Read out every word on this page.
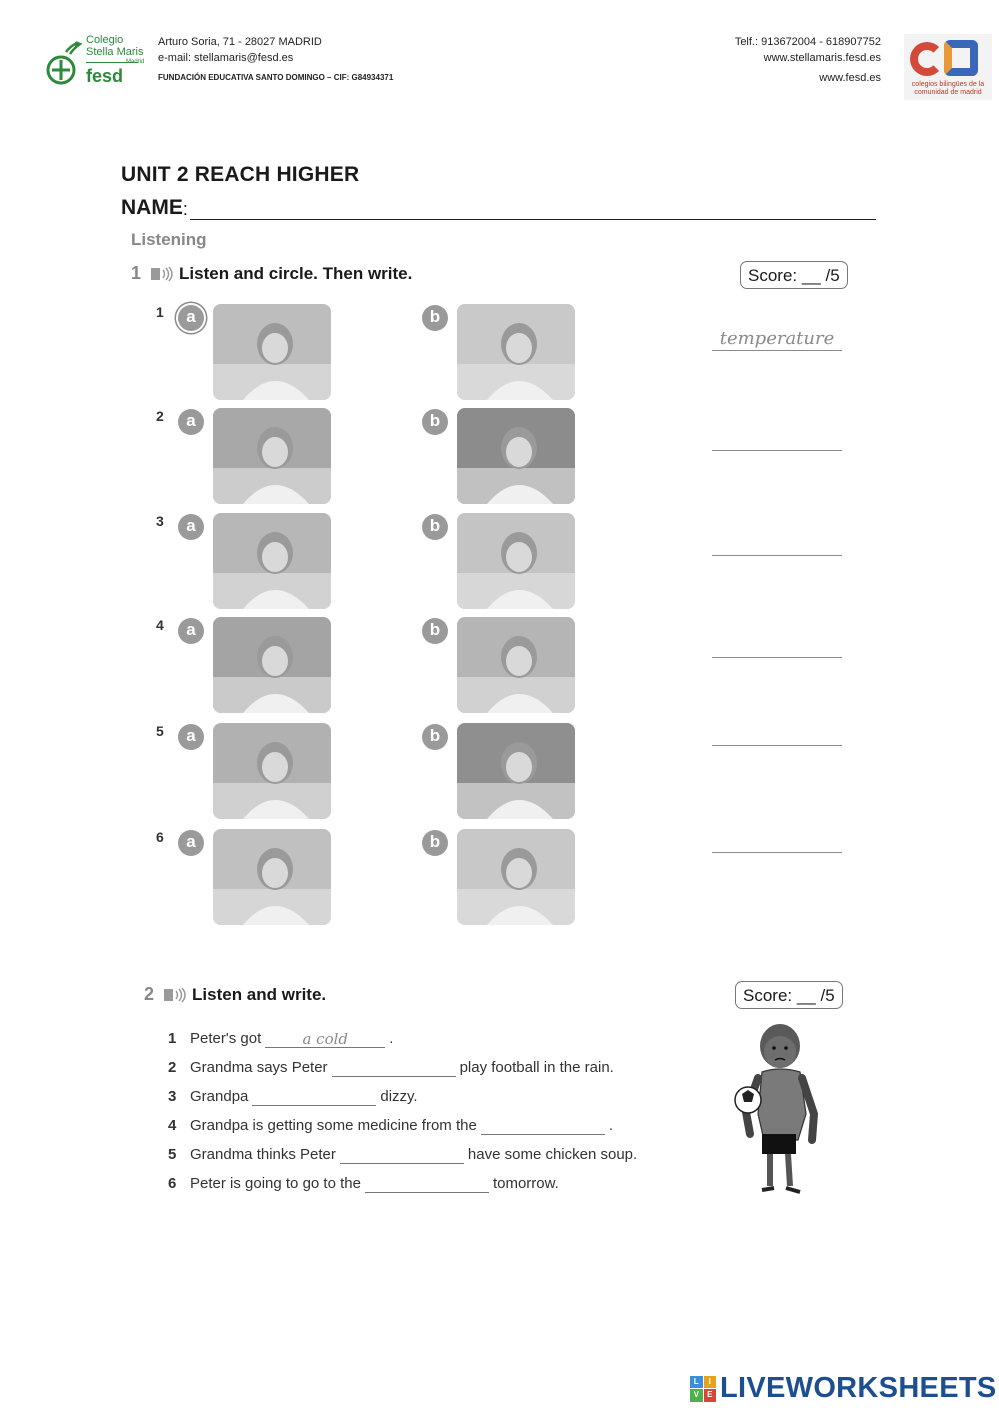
Colegio
Stella Maris
Madrid
fesd
Arturo Soria, 71 - 28027 MADRID
e-mail: stellamaris@fesd.es
FUNDACIÓN EDUCATIVA SANTO DOMINGO – CIF: G84934371
Telf.: 913672004 - 618907752
www.stellamaris.fesd.es
www.fesd.es
colegios bilingües de la comunidad de madrid
UNIT 2 REACH HIGHER
NAME :
Listening
1 Listen and circle. Then write.	Score: __ /5
1	a	b
temperature
2	a	b
3	a	b
4	a	b
5	a	b
6	a	b
2 Listen and write.	Score: __ /5
1 Peter's got	a cold	.
2 Grandma says Peter	play football in the rain.
3 Grandpa	dizzy.
4 Grandpa is getting some medicine from the	.
5 Grandma thinks Peter	have some chicken soup.
6 Peter is going to go to the	tomorrow.
L	I
V	E LIVEWORKSHEETS
